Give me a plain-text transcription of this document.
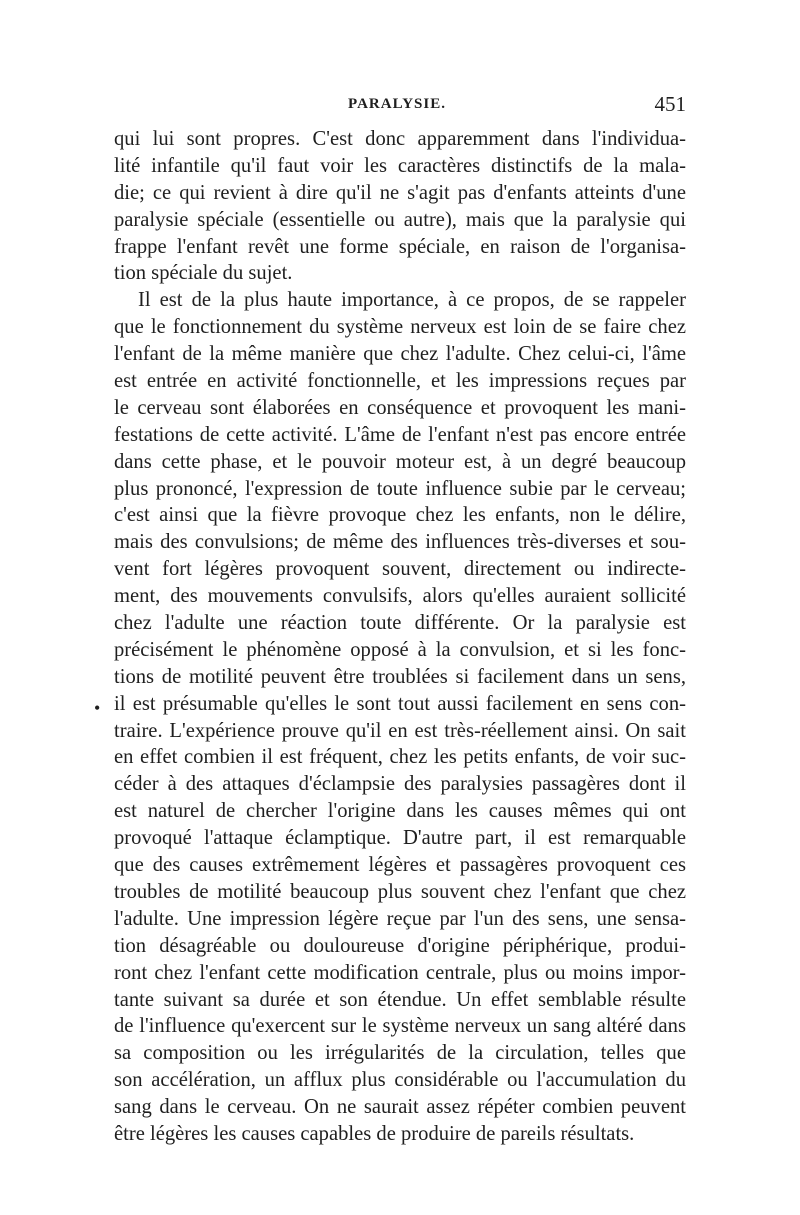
PARALYSIE.	451
•
qui lui sont propres. C'est donc apparemment dans l'individua-
lité infantile qu'il faut voir les caractères distinctifs de la mala-
die; ce qui revient à dire qu'il ne s'agit pas d'enfants atteints d'une
paralysie spéciale (essentielle ou autre), mais que la paralysie qui
frappe l'enfant revêt une forme spéciale, en raison de l'organisa-
tion spéciale du sujet.
Il est de la plus haute importance, à ce propos, de se rappeler
que le fonctionnement du système nerveux est loin de se faire chez
l'enfant de la même manière que chez l'adulte. Chez celui-ci, l'âme
est entrée en activité fonctionnelle, et les impressions reçues par
le cerveau sont élaborées en conséquence et provoquent les mani-
festations de cette activité. L'âme de l'enfant n'est pas encore entrée
dans cette phase, et le pouvoir moteur est, à un degré beaucoup
plus prononcé, l'expression de toute influence subie par le cerveau;
c'est ainsi que la fièvre provoque chez les enfants, non le délire,
mais des convulsions; de même des influences très-diverses et sou-
vent fort légères provoquent souvent, directement ou indirecte-
ment, des mouvements convulsifs, alors qu'elles auraient sollicité
chez l'adulte une réaction toute différente. Or la paralysie est
précisément le phénomène opposé à la convulsion, et si les fonc-
tions de motilité peuvent être troublées si facilement dans un sens,
il est présumable qu'elles le sont tout aussi facilement en sens con-
traire. L'expérience prouve qu'il en est très-réellement ainsi. On sait
en effet combien il est fréquent, chez les petits enfants, de voir suc-
céder à des attaques d'éclampsie des paralysies passagères dont il
est naturel de chercher l'origine dans les causes mêmes qui ont
provoqué l'attaque éclamptique. D'autre part, il est remarquable
que des causes extrêmement légères et passagères provoquent ces
troubles de motilité beaucoup plus souvent chez l'enfant que chez
l'adulte. Une impression légère reçue par l'un des sens, une sensa-
tion désagréable ou douloureuse d'origine périphérique, produi-
ront chez l'enfant cette modification centrale, plus ou moins impor-
tante suivant sa durée et son étendue. Un effet semblable résulte
de l'influence qu'exercent sur le système nerveux un sang altéré dans
sa composition ou les irrégularités de la circulation, telles que
son accélération, un afflux plus considérable ou l'accumulation du
sang dans le cerveau. On ne saurait assez répéter combien peuvent
être légères les causes capables de produire de pareils résultats.
